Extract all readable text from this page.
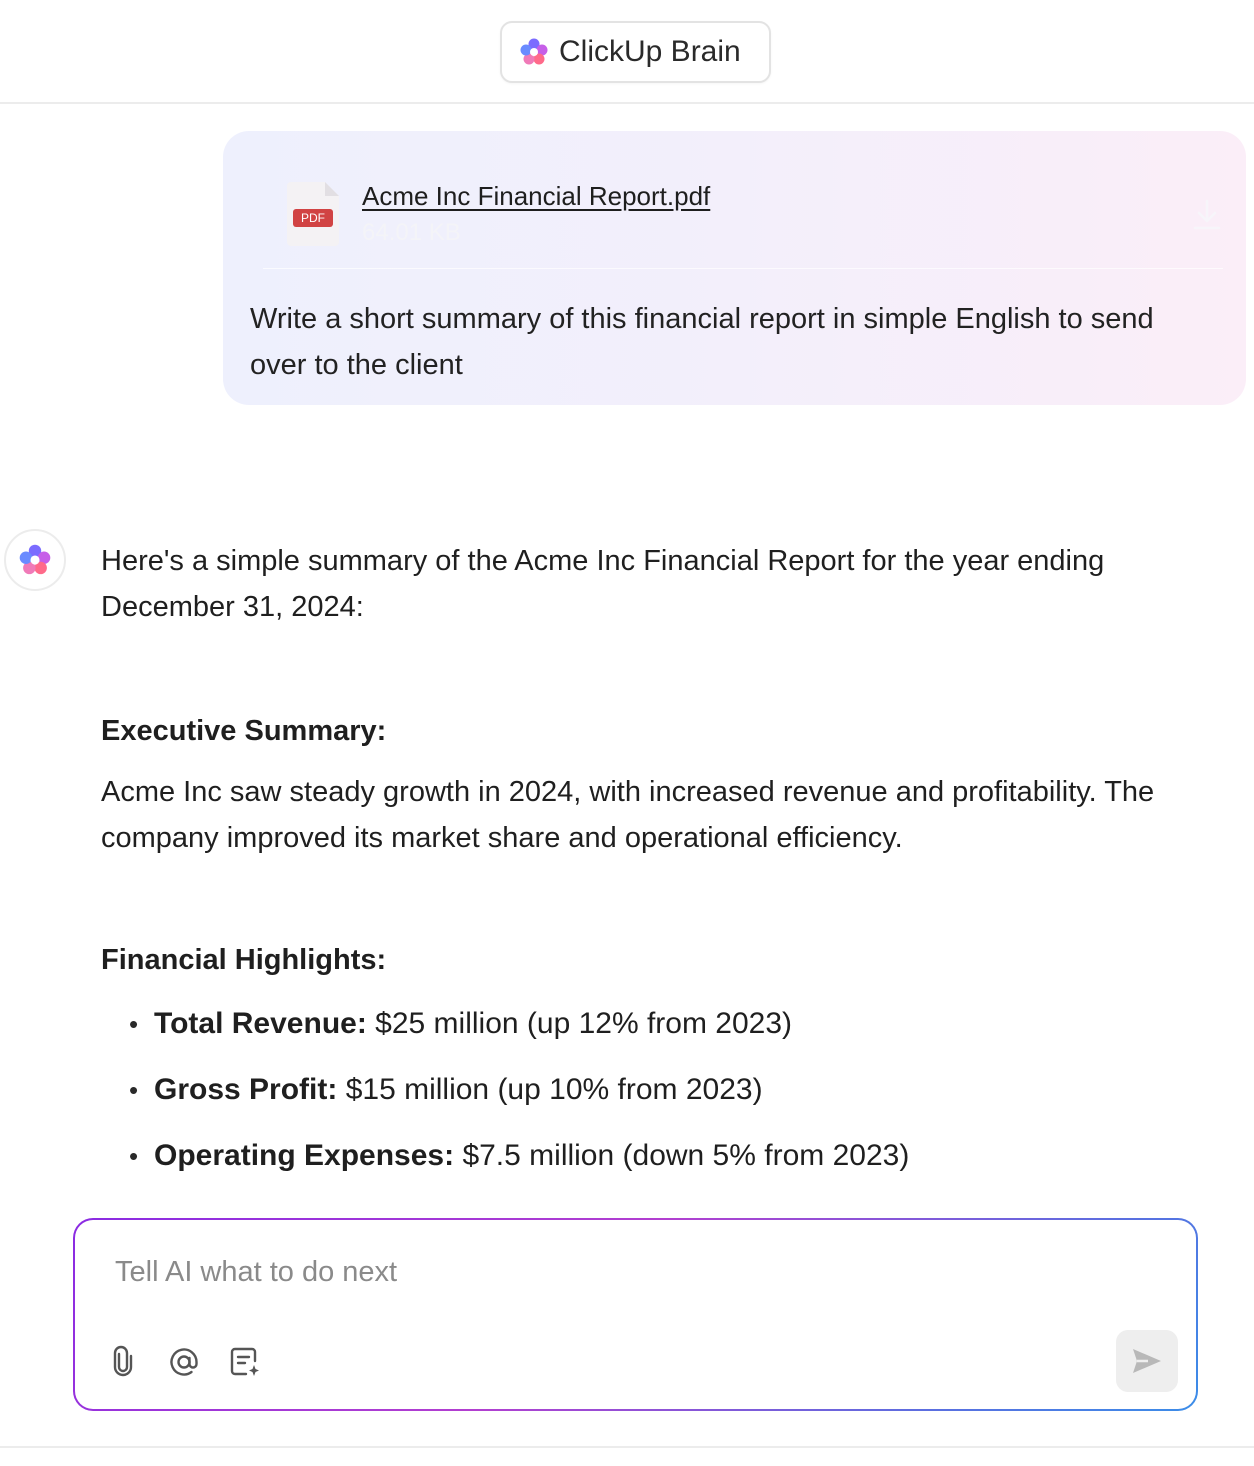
ClickUp Brain
PDF
Acme Inc Financial Report.pdf
64.01 KB
Write a short summary of this financial report in simple English to send over to the client

Here's a simple summary of the Acme Inc Financial Report for the year ending December 31, 2024:

Executive Summary:

Acme Inc saw steady growth in 2024, with increased revenue and profitability. The company improved its market share and operational efficiency.

Financial Highlights:
• Total Revenue: $25 million (up 12% from 2023)
• Gross Profit: $15 million (up 10% from 2023)
• Operating Expenses: $7.5 million (down 5% from 2023)
Tell AI what to do next
